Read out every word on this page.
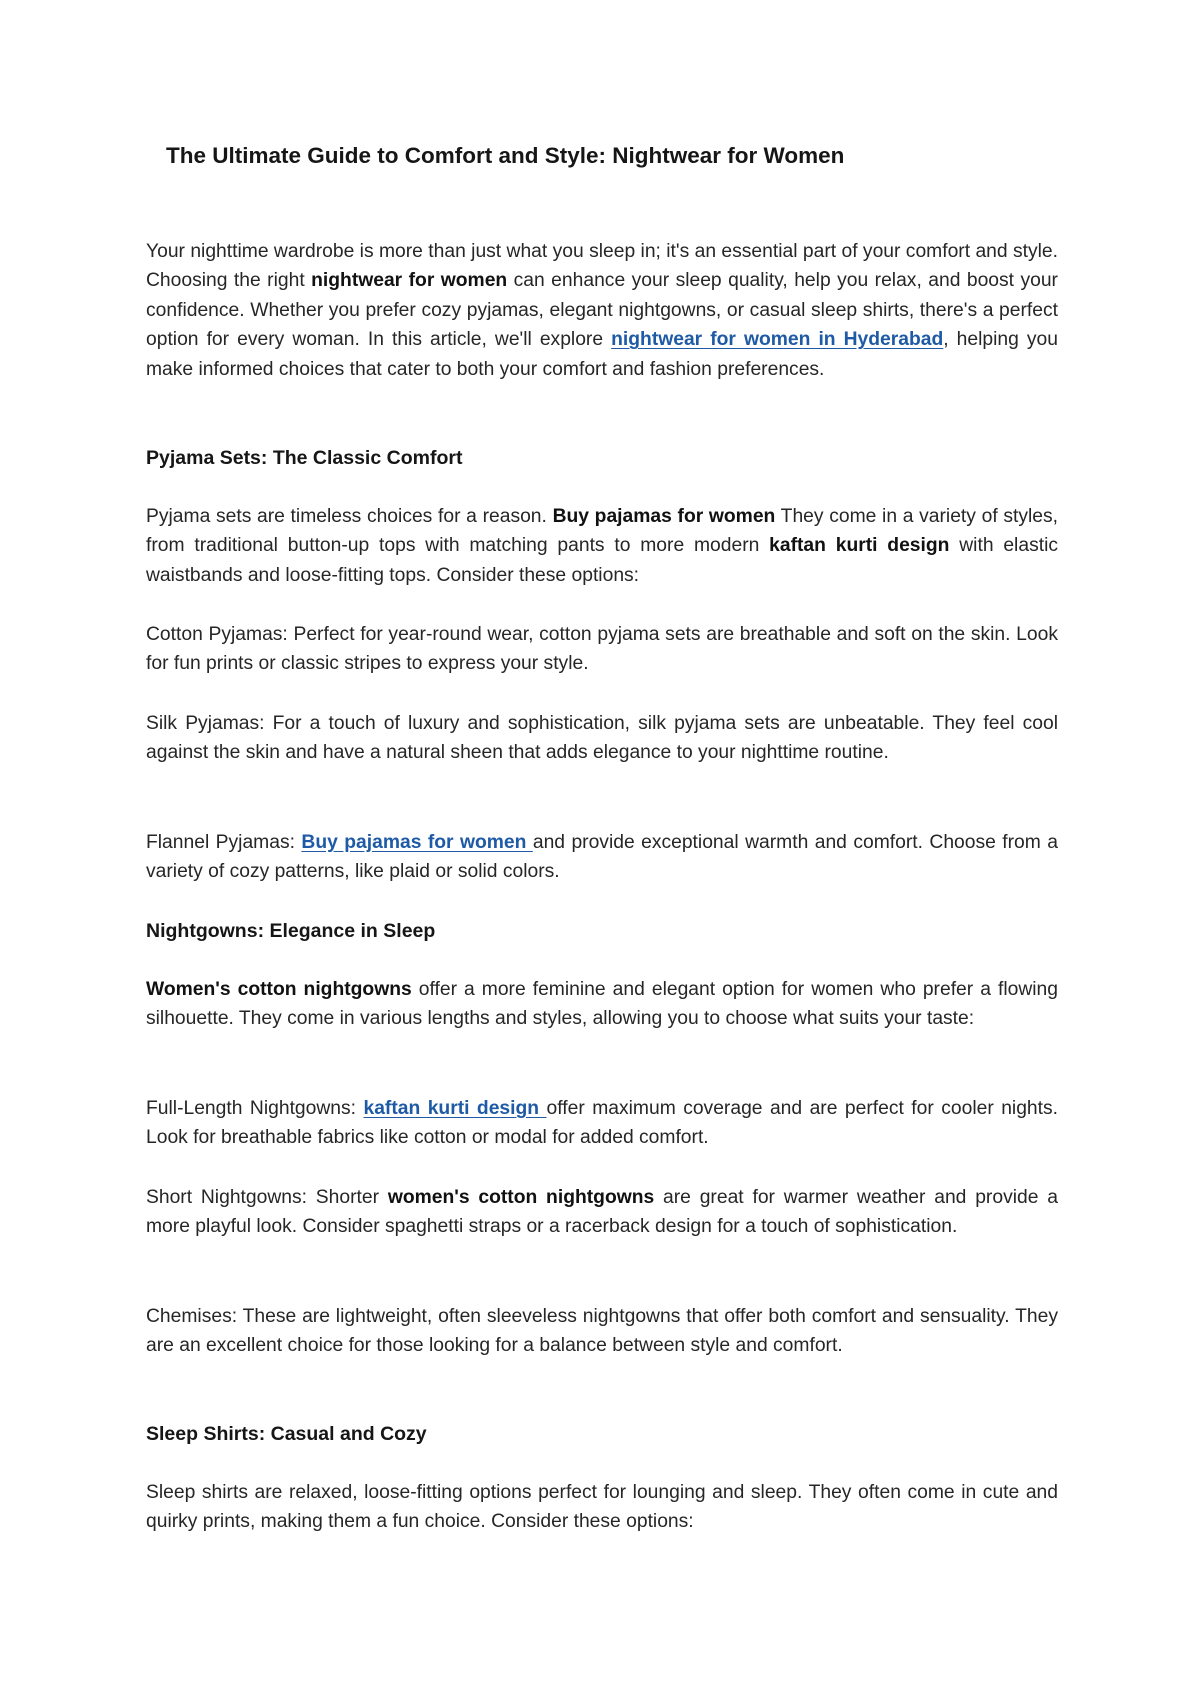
The Ultimate Guide to Comfort and Style: Nightwear for Women

Your nighttime wardrobe is more than just what you sleep in; it's an essential part of your comfort and style. Choosing the right nightwear for women can enhance your sleep quality, help you relax, and boost your confidence. Whether you prefer cozy pyjamas, elegant nightgowns, or casual sleep shirts, there's a perfect option for every woman. In this article, we'll explore nightwear for women in Hyderabad, helping you make informed choices that cater to both your comfort and fashion preferences.

Pyjama Sets: The Classic Comfort

Pyjama sets are timeless choices for a reason. Buy pajamas for women They come in a variety of styles, from traditional button-up tops with matching pants to more modern kaftan kurti design with elastic waistbands and loose-fitting tops. Consider these options:

Cotton Pyjamas: Perfect for year-round wear, cotton pyjama sets are breathable and soft on the skin. Look for fun prints or classic stripes to express your style.

Silk Pyjamas: For a touch of luxury and sophistication, silk pyjama sets are unbeatable. They feel cool against the skin and have a natural sheen that adds elegance to your nighttime routine.

Flannel Pyjamas: Buy pajamas for women and provide exceptional warmth and comfort. Choose from a variety of cozy patterns, like plaid or solid colors.

Nightgowns: Elegance in Sleep

Women's cotton nightgowns offer a more feminine and elegant option for women who prefer a flowing silhouette. They come in various lengths and styles, allowing you to choose what suits your taste:

Full-Length Nightgowns: kaftan kurti design offer maximum coverage and are perfect for cooler nights. Look for breathable fabrics like cotton or modal for added comfort.

Short Nightgowns: Shorter women's cotton nightgowns are great for warmer weather and provide a more playful look. Consider spaghetti straps or a racerback design for a touch of sophistication.

Chemises: These are lightweight, often sleeveless nightgowns that offer both comfort and sensuality. They are an excellent choice for those looking for a balance between style and comfort.

Sleep Shirts: Casual and Cozy

Sleep shirts are relaxed, loose-fitting options perfect for lounging and sleep. They often come in cute and quirky prints, making them a fun choice. Consider these options:
